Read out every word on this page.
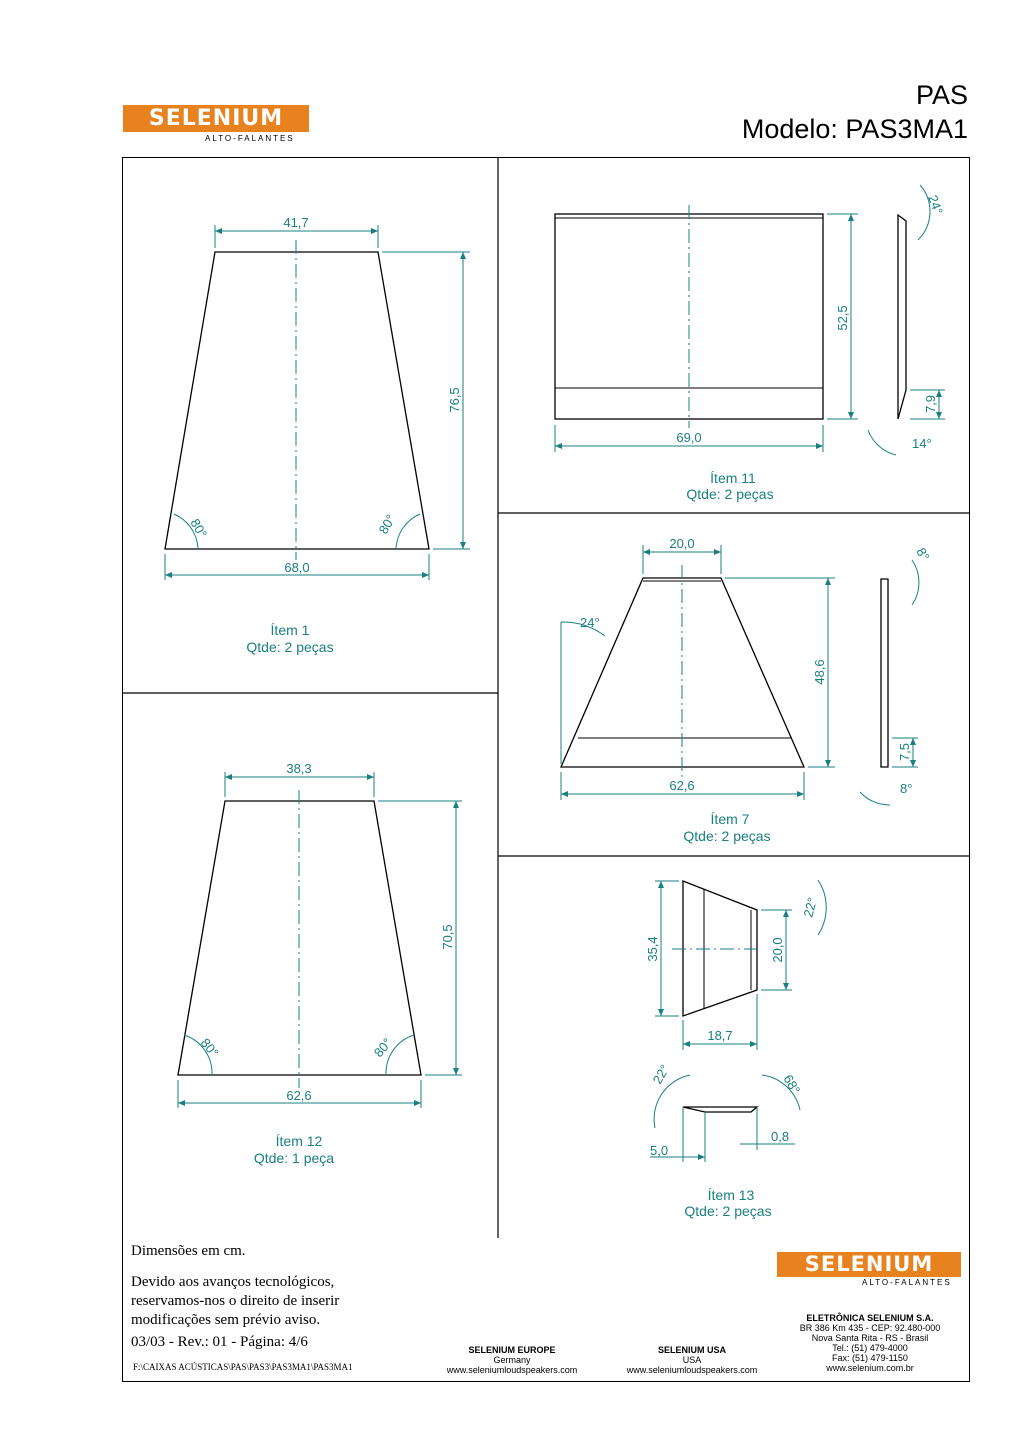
SELENIUM
ALTO-FALANTES
PAS
Modelo: PAS3MA1
41,7
68,0
76,5
80°	80°
Ítem 1
Qtde: 2 peças
69,0
52,5
7,9
24°
14°
Ítem 11
Qtde: 2 peças
20,0
62,6
48,6
7,5
24°
8°
8°
Ítem 7
Qtde: 2 peças
38,3
62,6
70,5
80°	80°
Ítem 12
Qtde: 1 peça
35,4	20,0
18,7
22°
22°	68°
5,0
0,8
Ítem 13
Qtde: 2 peças
Dimensões em cm.
Devido aos avanços tecnológicos,
reservamos-nos o direito de inserir
modificações sem prévio aviso.
03/03 - Rev.: 01 - Página: 4/6
F:\CAIXAS ACÚSTICAS\PAS\PAS3\PAS3MA1\PAS3MA1
SELENIUM
ALTO-FALANTES
SELENIUM EUROPE
Germany
www.seleniumloudspeakers.com
SELENIUM USA
USA
www.seleniumloudspeakers.com
ELETRÔNICA SELENIUM S.A.
BR 386 Km 435 - CEP: 92.480-000
Nova Santa Rita - RS - Brasil
Tel.: (51) 479-4000
Fax: (51) 479-1150
www.selenium.com.br
